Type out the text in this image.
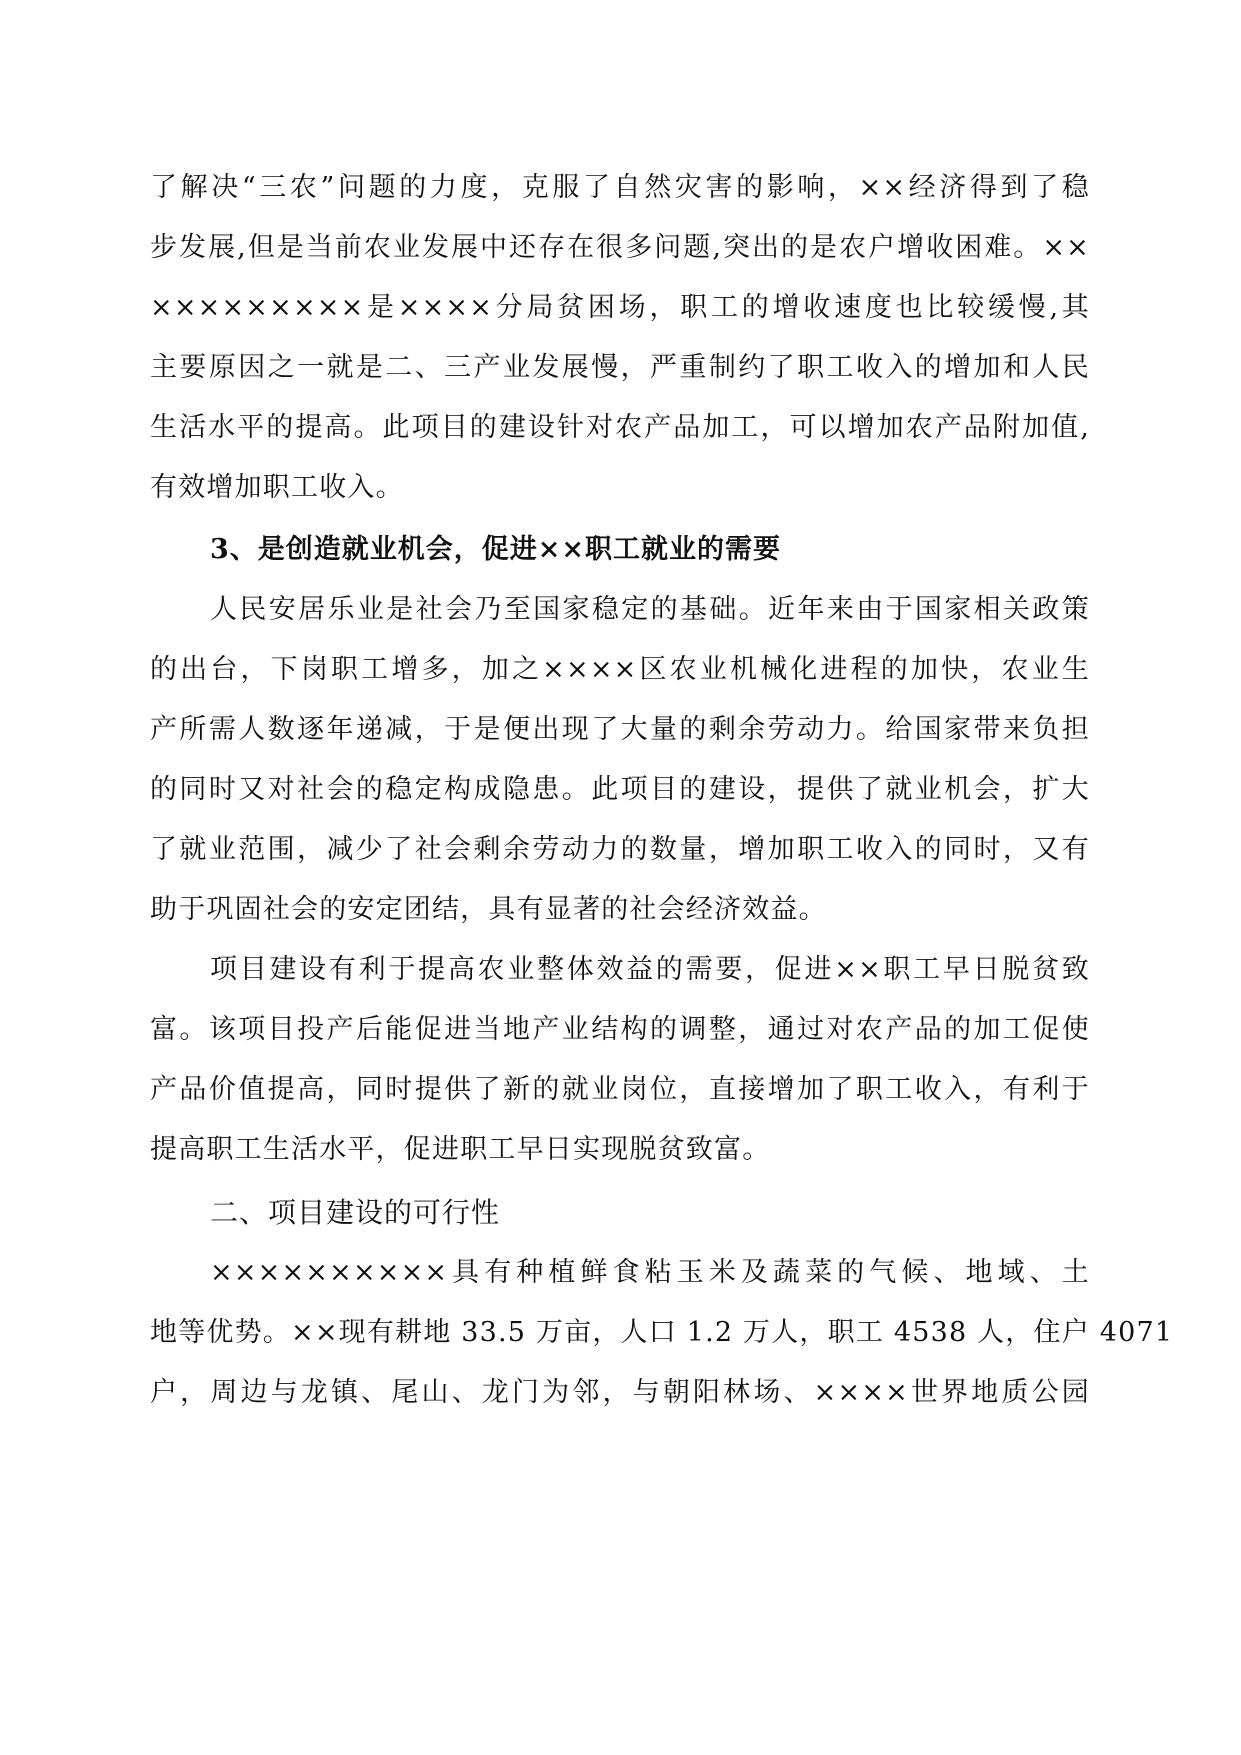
了解决“三农”问题的力度，克服了自然灾害的影响，××经济得到了稳
步发展,但是当前农业发展中还存在很多问题,突出的是农户增收困难。××
×××××××××是××××分局贫困场，职工的增收速度也比较缓慢,其
主要原因之一就是二、三产业发展慢，严重制约了职工收入的增加和人民
生活水平的提高。此项目的建设针对农产品加工，可以增加农产品附加值,
有效增加职工收入。
3、是创造就业机会，促进××职工就业的需要
人民安居乐业是社会乃至国家稳定的基础。近年来由于国家相关政策
的出台，下岗职工增多，加之××××区农业机械化进程的加快，农业生
产所需人数逐年递减，于是便出现了大量的剩余劳动力。给国家带来负担
的同时又对社会的稳定构成隐患。此项目的建设，提供了就业机会，扩大
了就业范围，减少了社会剩余劳动力的数量，增加职工收入的同时，又有
助于巩固社会的安定团结，具有显著的社会经济效益。
项目建设有利于提高农业整体效益的需要，促进××职工早日脱贫致
富。该项目投产后能促进当地产业结构的调整，通过对农产品的加工促使
产品价值提高，同时提供了新的就业岗位，直接增加了职工收入，有利于
提高职工生活水平，促进职工早日实现脱贫致富。
二、项目建设的可行性
××××××××××具有种植鲜食粘玉米及蔬菜的气候、地域、土
地等优势。××现有耕地 33.5 万亩，人口 1.2 万人，职工 4538 人，住户 4071
户，周边与龙镇、尾山、龙门为邻，与朝阳林场、××××世界地质公园
